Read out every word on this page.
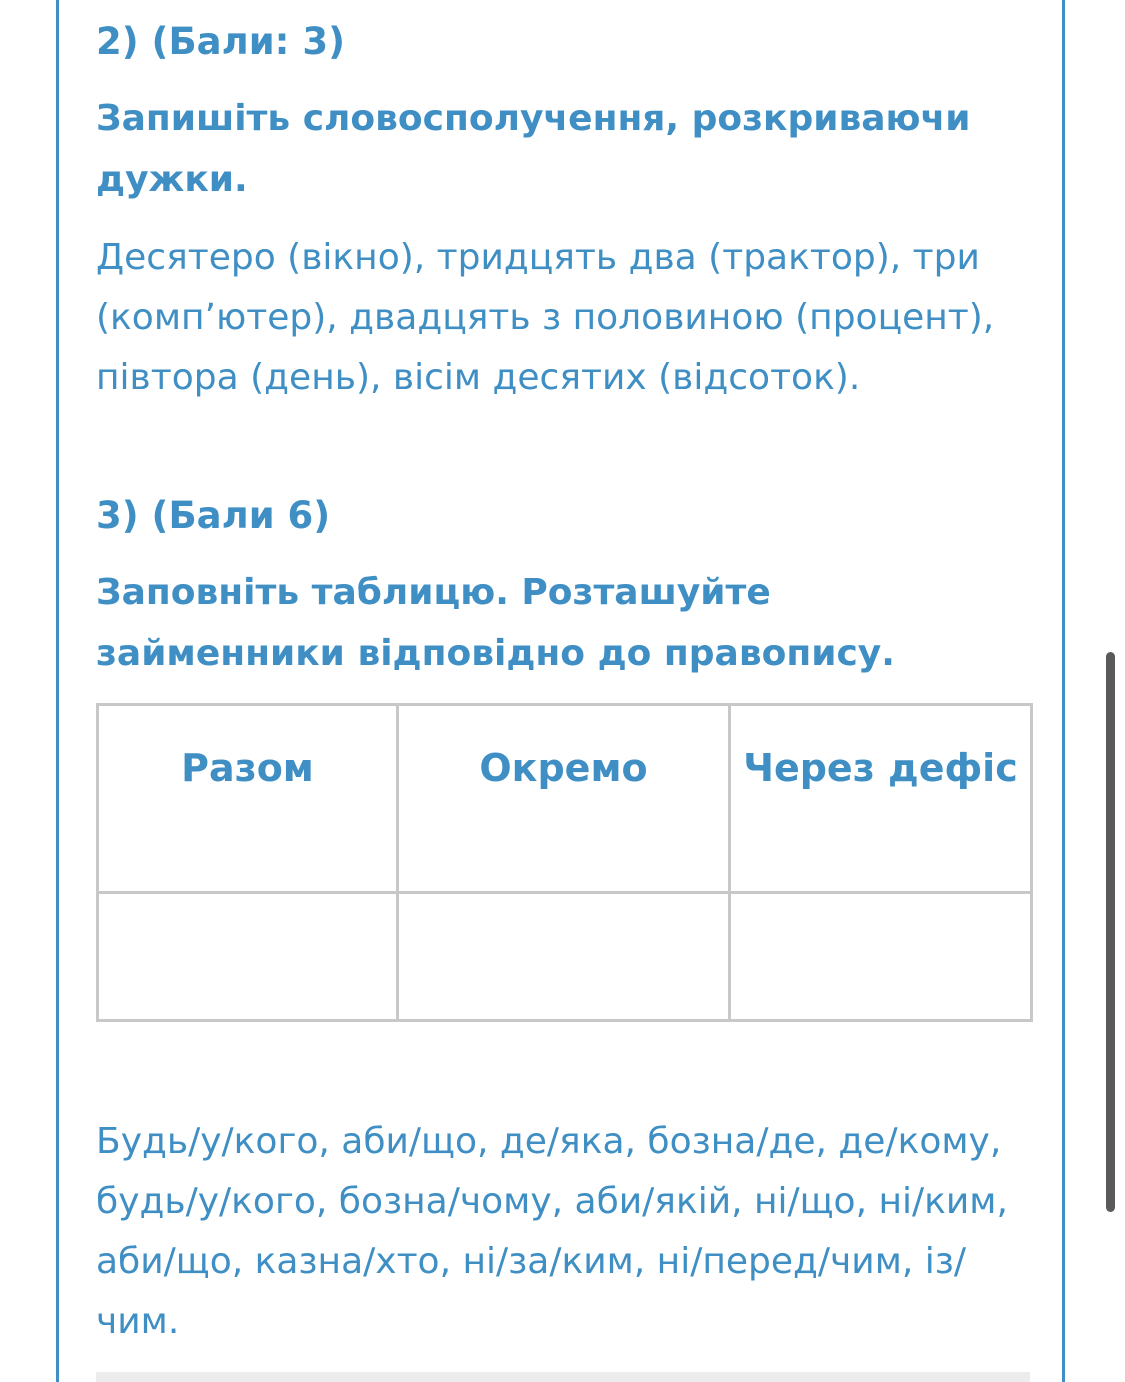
2) (Бали: 3)

Запишіть словосполучення, розкриваючи дужки.

Десятеро (вікно), тридцять два (трактор), три (комп’ютер), двадцять з половиною (процент), півтора (день), вісім десятих (відсоток).

3) (Бали 6)

Заповніть таблицю. Розташуйте займенники відповідно до правопису.

Разом	Окремо	Через дефіс

Будь/у/кого, аби/що, де/яка, бозна/де, де/кому, будь/у/кого, бозна/чому, аби/якій, ні/що, ні/ким, аби/що, казна/хто, ні/за/ким, ні/перед/чим, із/чим.
